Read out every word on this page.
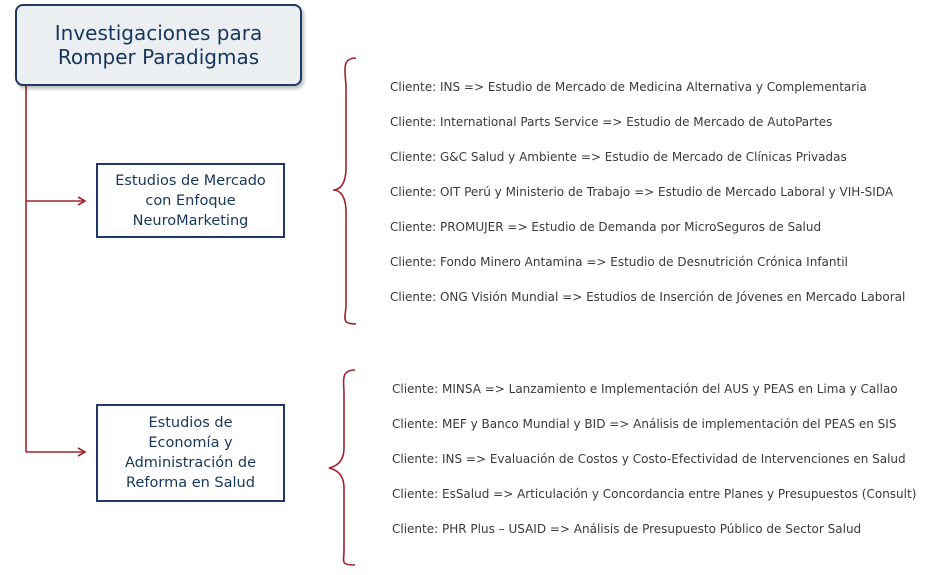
Investigaciones para
Romper Paradigmas
Estudios de Mercado
con Enfoque
NeuroMarketing
Estudios de
Economía y
Administración de
Reforma en Salud
Cliente: INS => Estudio de Mercado de Medicina Alternativa y Complementaria
Cliente: International Parts Service => Estudio de Mercado de AutoPartes
Cliente: G&C Salud y Ambiente => Estudio de Mercado de Clínicas Privadas
Cliente: OIT Perú y Ministerio de Trabajo => Estudio de Mercado Laboral y VIH-SIDA
Cliente: PROMUJER => Estudio de Demanda por MicroSeguros de Salud
Cliente: Fondo Minero Antamina => Estudio de Desnutrición Crónica Infantil
Cliente: ONG Visión Mundial => Estudios de Inserción de Jóvenes en Mercado Laboral
Cliente: MINSA => Lanzamiento e Implementación del AUS y PEAS en Lima y Callao
Cliente: MEF y Banco Mundial y BID => Análisis de implementación del PEAS en SIS
Cliente: INS => Evaluación de Costos y Costo-Efectividad de Intervenciones en Salud
Cliente: EsSalud => Articulación y Concordancia entre Planes y Presupuestos (Consult)
Cliente: PHR Plus – USAID => Análisis de Presupuesto Público de Sector Salud
